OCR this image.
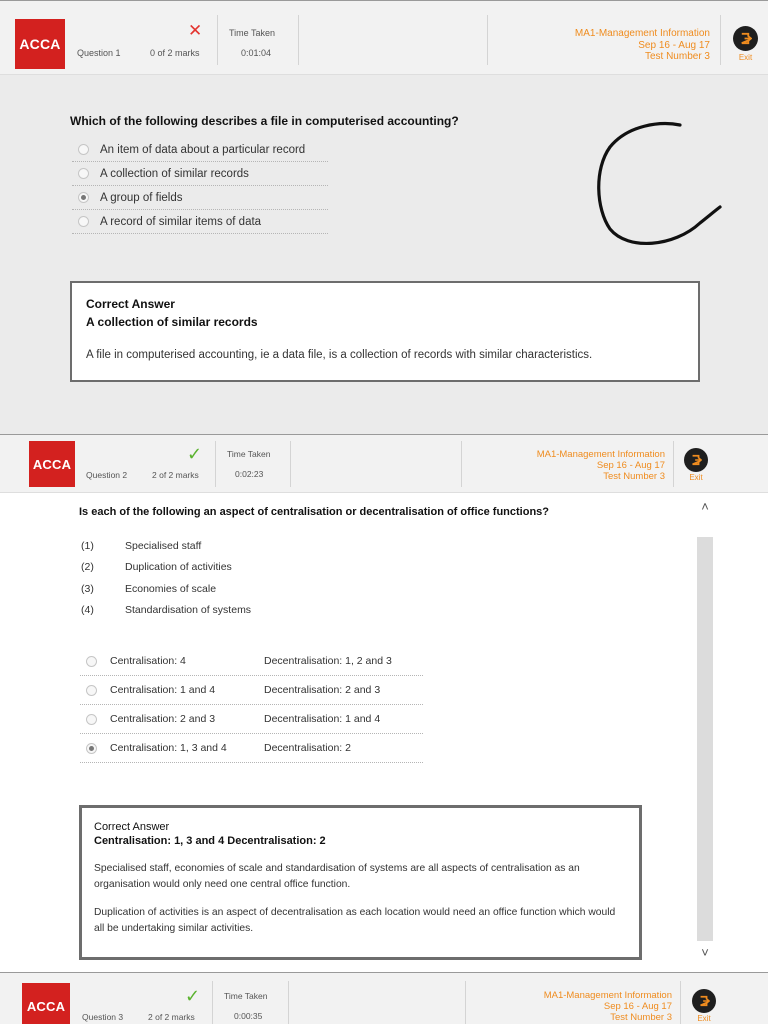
ACCA
Question 1
✕
0 of 2 marks
Time Taken
0:01:04
MA1-Management Information
Sep 16 - Aug 17
Test Number 3	Exit
Which of the following describes a file in computerised accounting?
An item of data about a particular record
A collection of similar records
A group of fields
A record of similar items of data
Correct Answer
A collection of similar records
A file in computerised accounting, ie a data file, is a collection of records with similar characteristics.
ACCA
Question 2
✓
2 of 2 marks
Time Taken
0:02:23
MA1-Management Information
Sep 16 - Aug 17
Test Number 3	Exit
Is each of the following an aspect of centralisation or decentralisation of office functions?
(1)	Specialised staff
(2)	Duplication of activities
(3)	Economies of scale
(4)	Standardisation of systems
Centralisation: 4	Decentralisation: 1, 2 and 3
Centralisation: 1 and 4	Decentralisation: 2 and 3
Centralisation: 2 and 3	Decentralisation: 1 and 4
Centralisation: 1, 3 and 4	Decentralisation: 2
Correct Answer
Centralisation: 1, 3 and 4 Decentralisation: 2
Specialised staff, economies of scale and standardisation of systems are all aspects of centralisation as an organisation would only need one central office function.
Duplication of activities is an aspect of decentralisation as each location would need an office function which would all be undertaking similar activities.
˄
˅
ACCA
Question 3
✓
2 of 2 marks
Time Taken
0:00:35
MA1-Management Information
Sep 16 - Aug 17
Test Number 3	Exit
